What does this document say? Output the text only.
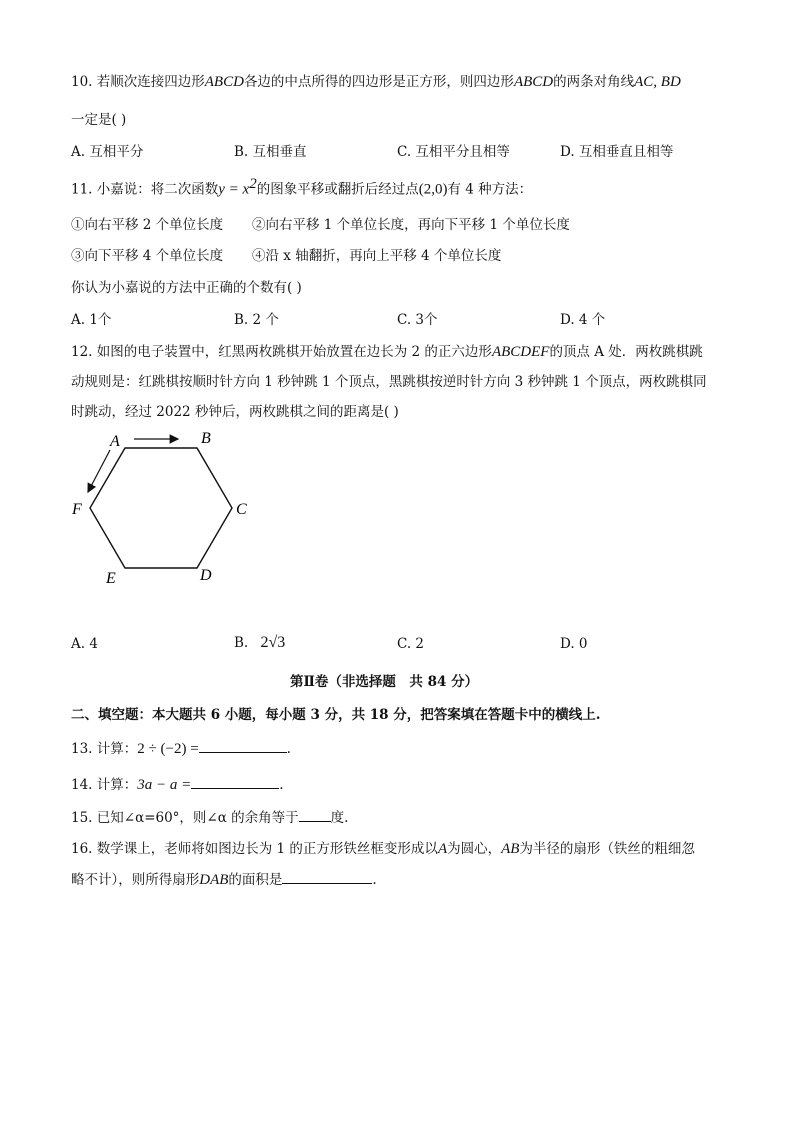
10. 若顺次连接四边形ABCD各边的中点所得的四边形是正方形，则四边形ABCD的两条对角线AC, BD
一定是( )
A. 互相平分	B. 互相垂直	C. 互相平分且相等	D. 互相垂直且相等
11. 小嘉说：将二次函数$y = x^2$的图象平移或翻折后经过点(2,0)有 4 种方法：
①向右平移 2 个单位长度 ②向右平移 1 个单位长度，再向下平移 1 个单位长度
③向下平移 4 个单位长度 ④沿 x 轴翻折，再向上平移 4 个单位长度
你认为小嘉说的方法中正确的个数有( )
A. 1个	B. 2 个	C. 3个	D. 4 个
12. 如图的电子装置中，红黑两枚跳棋开始放置在边长为 2 的正六边形ABCDEF的顶点 A 处．两枚跳棋跳
动规则是：红跳棋按顺时针方向 1 秒钟跳 1 个顶点，黑跳棋按逆时针方向 3 秒钟跳 1 个顶点，两枚跳棋同
时跳动，经过 2022 秒钟后，两枚跳棋之间的距离是( )
A	B
C
D
E
F
A. 4	B. 2√3	C. 2	D. 0
第Ⅱ卷（非选择题　共 84 分）
二、填空题：本大题共 6 小题，每小题 3 分，共 18 分，把答案填在答题卡中的横线上.
13. 计算：2 ÷ (−2) =	.
14. 计算：3a − a =	.
15. 已知∠α=60°，则∠α 的余角等于 度.
16. 数学课上，老师将如图边长为 1 的正方形铁丝框变形成以A为圆心，AB为半径的扇形（铁丝的粗细忽
略不计），则所得扇形DAB的面积是	.
